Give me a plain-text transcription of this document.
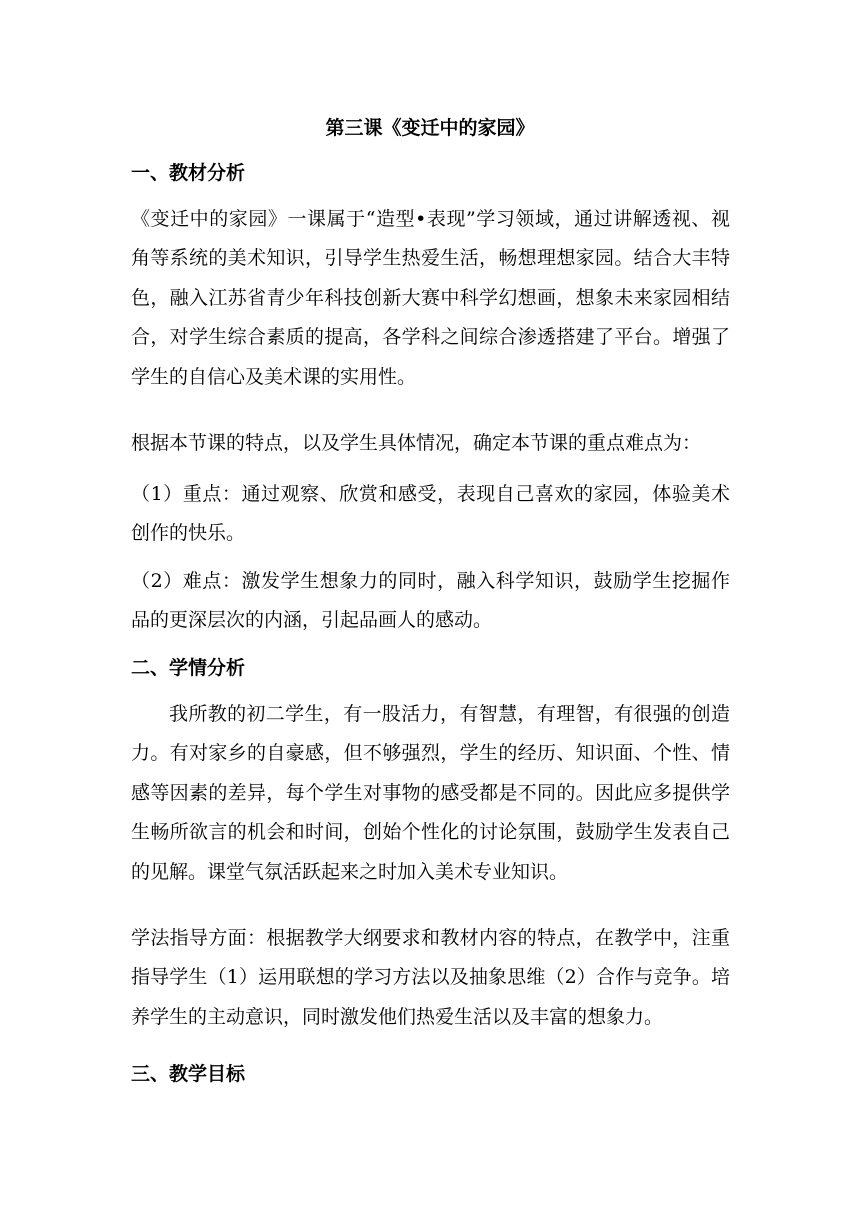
第三课《变迁中的家园》
一、教材分析
《变迁中的家园》一课属于“造型•表现”学习领域，通过讲解透视、视角等系统的美术知识，引导学生热爱生活，畅想理想家园。结合大丰特色，融入江苏省青少年科技创新大赛中科学幻想画，想象未来家园相结合，对学生综合素质的提高，各学科之间综合渗透搭建了平台。增强了学生的自信心及美术课的实用性。
根据本节课的特点，以及学生具体情况，确定本节课的重点难点为：
（1）重点：通过观察、欣赏和感受，表现自己喜欢的家园，体验美术创作的快乐。
（2）难点：激发学生想象力的同时，融入科学知识，鼓励学生挖掘作品的更深层次的内涵，引起品画人的感动。
二、学情分析
我所教的初二学生，有一股活力，有智慧，有理智，有很强的创造力。有对家乡的自豪感，但不够强烈，学生的经历、知识面、个性、情感等因素的差异，每个学生对事物的感受都是不同的。因此应多提供学生畅所欲言的机会和时间，创始个性化的讨论氛围，鼓励学生发表自己的见解。课堂气氛活跃起来之时加入美术专业知识。
学法指导方面：根据教学大纲要求和教材内容的特点，在教学中，注重指导学生（1）运用联想的学习方法以及抽象思维（2）合作与竞争。培养学生的主动意识，同时激发他们热爱生活以及丰富的想象力。
三、教学目标
